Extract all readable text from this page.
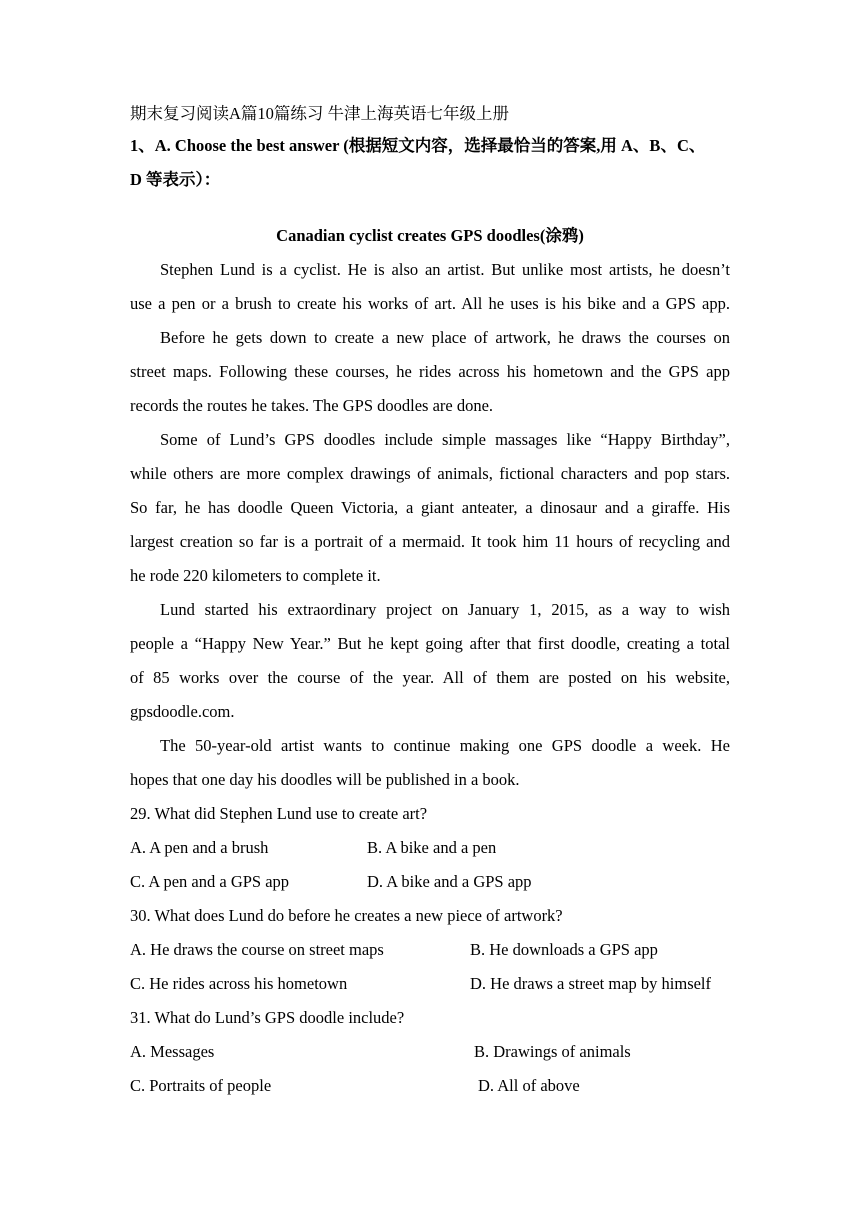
期末复习阅读A篇10篇练习 牛津上海英语七年级上册
1、A. Choose the best answer (根据短文内容，选择最恰当的答案,用 A、B、C、
D 等表示）：
Canadian cyclist creates GPS doodles(涂鸦)
Stephen Lund is a cyclist. He is also an artist. But unlike most artists, he doesn’t
use a pen or a brush to create his works of art. All he uses is his bike and a GPS app.
Before he gets down to create a new place of artwork, he draws the courses on
street maps. Following these courses, he rides across his hometown and the GPS app
records the routes he takes. The GPS doodles are done.
Some of Lund’s GPS doodles include simple massages like “Happy Birthday”,
while others are more complex drawings of animals, fictional characters and pop stars.
So far, he has doodle Queen Victoria, a giant anteater, a dinosaur and a giraffe. His
largest creation so far is a portrait of a mermaid. It took him 11 hours of recycling and
he rode 220 kilometers to complete it.
Lund started his extraordinary project on January 1, 2015, as a way to wish
people a “Happy New Year.” But he kept going after that first doodle, creating a total
of 85 works over the course of the year. All of them are posted on his website,
gpsdoodle.com.
The 50-year-old artist wants to continue making one GPS doodle a week. He
hopes that one day his doodles will be published in a book.
29. What did Stephen Lund use to create art?
A. A pen and a brush	B. A bike and a pen
C. A pen and a GPS app	D. A bike and a GPS app
30. What does Lund do before he creates a new piece of artwork?
A. He draws the course on street maps	B. He downloads a GPS app
C. He rides across his hometown	D. He draws a street map by himself
31. What do Lund’s GPS doodle include?
A. Messages	B. Drawings of animals
C. Portraits of people	D. All of above
